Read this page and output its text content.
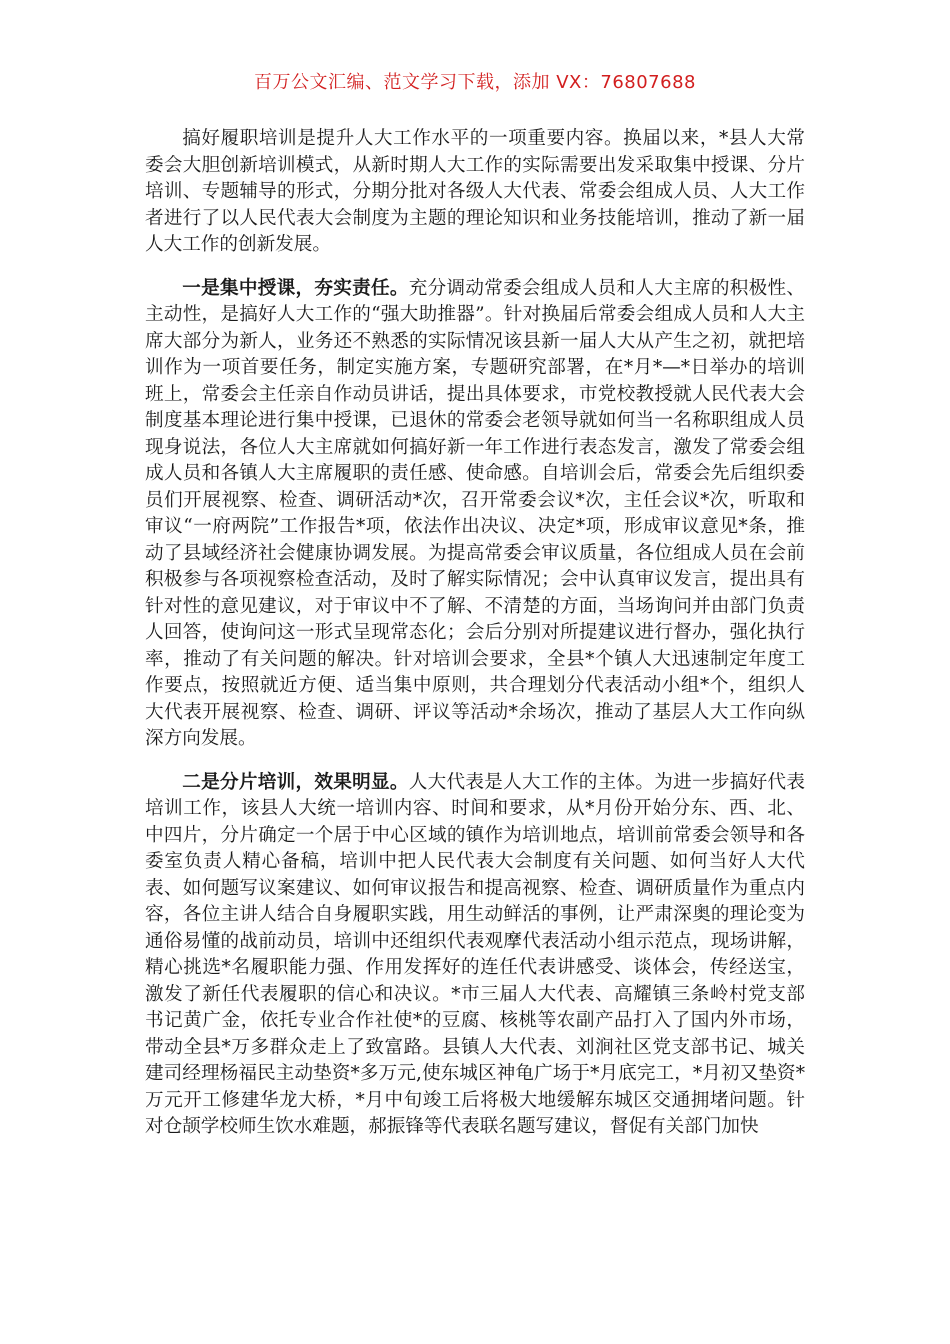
百万公文汇编、范文学习下载，添加 VX：76807688

搞好履职培训是提升人大工作水平的一项重要内容。换届以来，*县人大常委会大胆创新培训模式，从新时期人大工作的实际需要出发采取集中授课、分片培训、专题辅导的形式，分期分批对各级人大代表、常委会组成人员、人大工作者进行了以人民代表大会制度为主题的理论知识和业务技能培训，推动了新一届人大工作的创新发展。

一是集中授课，夯实责任。充分调动常委会组成人员和人大主席的积极性、主动性，是搞好人大工作的“强大助推器”。针对换届后常委会组成人员和人大主席大部分为新人，业务还不熟悉的实际情况该县新一届人大从产生之初，就把培训作为一项首要任务，制定实施方案，专题研究部署，在*月*—*日举办的培训班上，常委会主任亲自作动员讲话，提出具体要求，市党校教授就人民代表大会制度基本理论进行集中授课，已退休的常委会老领导就如何当一名称职组成人员现身说法，各位人大主席就如何搞好新一年工作进行表态发言，激发了常委会组成人员和各镇人大主席履职的责任感、使命感。自培训会后，常委会先后组织委员们开展视察、检查、调研活动*次，召开常委会议*次，主任会议*次，听取和审议“一府两院”工作报告*项，依法作出决议、决定*项，形成审议意见*条，推动了县域经济社会健康协调发展。为提高常委会审议质量，各位组成人员在会前积极参与各项视察检查活动，及时了解实际情况；会中认真审议发言，提出具有针对性的意见建议，对于审议中不了解、不清楚的方面，当场询问并由部门负责人回答，使询问这一形式呈现常态化；会后分别对所提建议进行督办，强化执行率，推动了有关问题的解决。针对培训会要求，全县*个镇人大迅速制定年度工作要点，按照就近方便、适当集中原则，共合理划分代表活动小组*个，组织人大代表开展视察、检查、调研、评议等活动*余场次，推动了基层人大工作向纵深方向发展。

二是分片培训，效果明显。人大代表是人大工作的主体。为进一步搞好代表培训工作，该县人大统一培训内容、时间和要求，从*月份开始分东、西、北、中四片，分片确定一个居于中心区域的镇作为培训地点，培训前常委会领导和各委室负责人精心备稿，培训中把人民代表大会制度有关问题、如何当好人大代表、如何题写议案建议、如何审议报告和提高视察、检查、调研质量作为重点内容，各位主讲人结合自身履职实践，用生动鲜活的事例，让严肃深奥的理论变为通俗易懂的战前动员，培训中还组织代表观摩代表活动小组示范点，现场讲解，精心挑选*名履职能力强、作用发挥好的连任代表讲感受、谈体会，传经送宝，激发了新任代表履职的信心和决议。*市三届人大代表、高耀镇三条岭村党支部书记黄广金，依托专业合作社使*的豆腐、核桃等农副产品打入了国内外市场，带动全县*万多群众走上了致富路。县镇人大代表、刘涧社区党支部书记、城关建司经理杨福民主动垫资*多万元,使东城区神龟广场于*月底完工，*月初又垫资*万元开工修建华龙大桥，*月中旬竣工后将极大地缓解东城区交通拥堵问题。针对仓颉学校师生饮水难题，郝振锋等代表联名题写建议，督促有关部门加快
